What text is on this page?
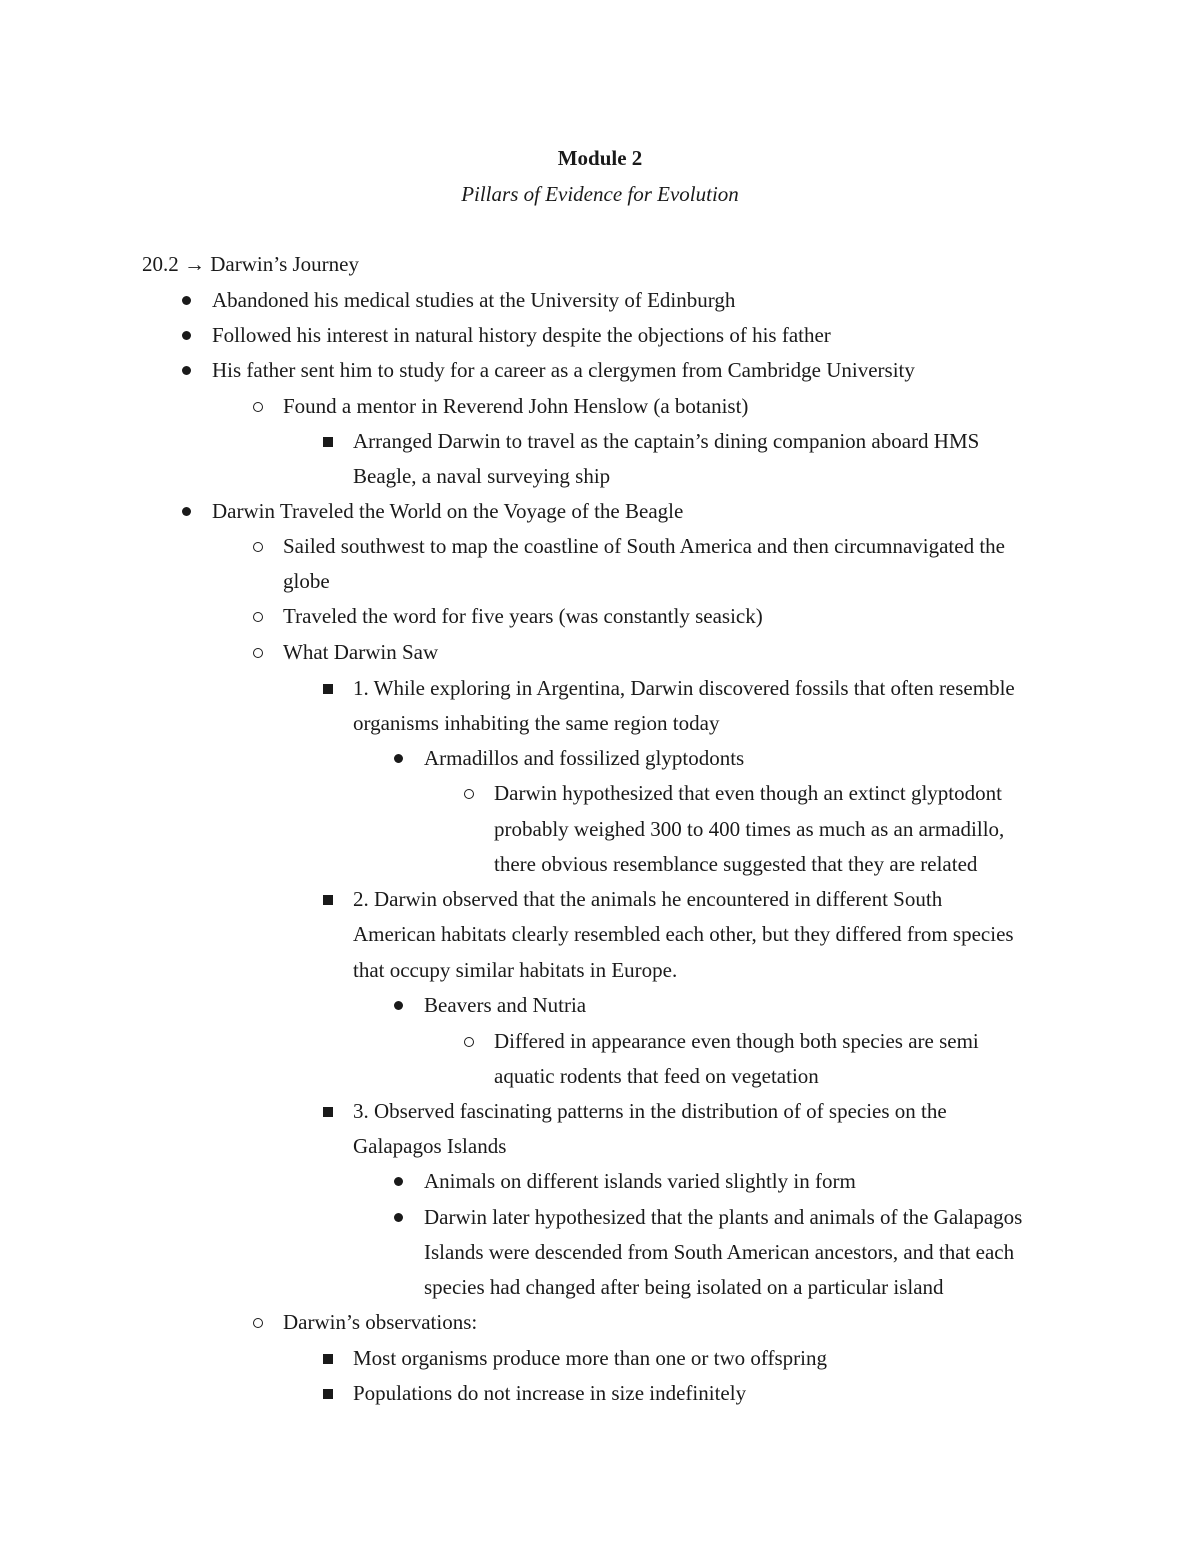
Module 2
Pillars of Evidence for Evolution
20.2 → Darwin’s Journey
Abandoned his medical studies at the University of Edinburgh
Followed his interest in natural history despite the objections of his father
His father sent him to study for a career as a clergymen from Cambridge University
Found a mentor in Reverend John Henslow (a botanist)
Arranged Darwin to travel as the captain’s dining companion aboard HMS
Beagle, a naval surveying ship
Darwin Traveled the World on the Voyage of the Beagle
Sailed southwest to map the coastline of South America and then circumnavigated the
globe
Traveled the word for five years (was constantly seasick)
What Darwin Saw
1. While exploring in Argentina, Darwin discovered fossils that often resemble
organisms inhabiting the same region today
Armadillos and fossilized glyptodonts
Darwin hypothesized that even though an extinct glyptodont
probably weighed 300 to 400 times as much as an armadillo,
there obvious resemblance suggested that they are related
2. Darwin observed that the animals he encountered in different South
American habitats clearly resembled each other, but they differed from species
that occupy similar habitats in Europe.
Beavers and Nutria
Differed in appearance even though both species are semi
aquatic rodents that feed on vegetation
3. Observed fascinating patterns in the distribution of of species on the
Galapagos Islands
Animals on different islands varied slightly in form
Darwin later hypothesized that the plants and animals of the Galapagos
Islands were descended from South American ancestors, and that each
species had changed after being isolated on a particular island
Darwin’s observations:
Most organisms produce more than one or two offspring
Populations do not increase in size indefinitely
